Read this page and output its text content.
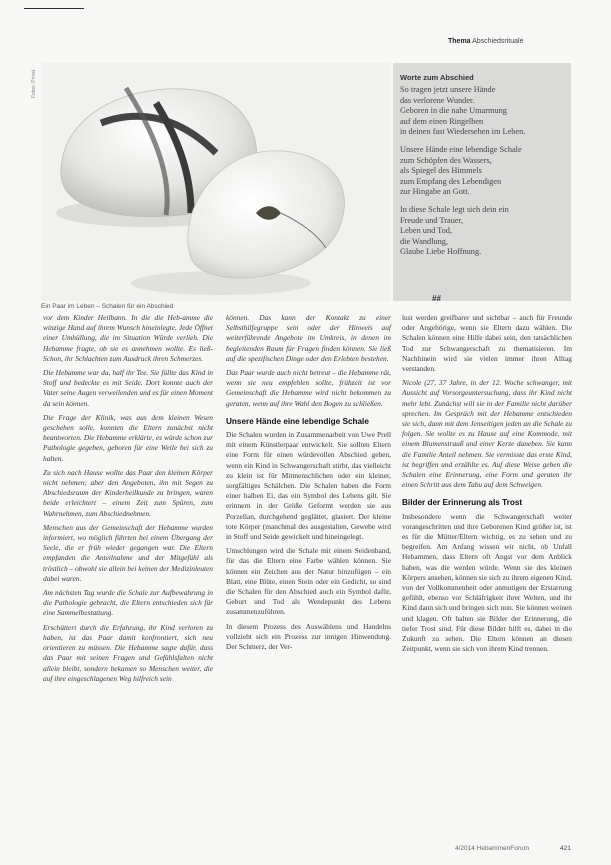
Thema Abschiedsrituale
Fotos: Privat
Ein Paar im Leben – Schalen für ein Abschied
Worte zum Abschied

So tragen jetzt unsere Hände
das verlorene Wunder.
Geboren in die nahe Umarmung
auf dem einen Ringelben
in deinen fast Wiedersehen im Leben.

Unsere Hände eine lebendige Schale
zum Schöpfen des Wassers,
als Spiegel des Himmels
zum Empfang des Lebendigen
zur Hingabe an Gott.

In diese Schale legt sich dein ein
Freude und Trauer,
Leben und Tod,
die Wandlung,
Glaube Liebe Hoffnung.

##

vor dem Kinder Heilbann. In die die Heb-amme die winzige Hand auf ihrem Wunsch hineinlegte. Jede Öffnet einer Umhüllung, die im Situation Würde verlieh. Die Hebamme fragte, ob sie es annehmen wollte. Es ließ-Schon, ihr Schlachten zum Ausdruck ihren Schmerzes.

Die Hebamme war da, half ihr Tee. Sie füllte das Kind in Stoff und bedeckte es mit Seide. Dort konnte auch der Vater seine Augen verweilenden und es für einen Moment da sein können.

Die Frage der Klinik, was aus dem kleinen Wesen geschehen solle, konnten die Eltern zunächst nicht beantworten. Die Hebamme erklärte, es würde schon zur Pathologie gegeben, geboren für eine Weile bei sich zu halten.

Zu sich nach Hause wollte das Paar den kleinen Körper nicht nehmen; aber den Angeboten, ihn mit Segen zu Abschiedsraum der Kinderheilkunde zu bringen, waren beide erleichtert – einem Zeit zum Spüren, zum Wahrnehmen, zum Abschiednehmen.

Menschen aus der Gemeinschaft der Hebamme wurden informiert, wo möglich führten bei einem Übergang der Seele, die er früh wieder gegangen war. Die Eltern empfanden die Anteilnahme und der Mitgefühl als tröstlich – obwohl sie allein bei keinen der Medizinleuten dabei waren.

Am nächsten Tag wurde die Schale zur Aufbewahrung in die Pathologie gebracht, die Eltern entschieden sich für eine Sammelbestattung.

Erschüttert durch die Erfahrung, ihr Kind verloren zu haben, ist das Paar damit konfrontiert, sich neu orientieren zu müssen. Die Hebamme sagte dafür, dass das Paar mit seinen Fragen und Gefühlsfalten nicht allein bleibt, sondern bekamen so Menschen weiter, die auf ihre eingeschlagenen Weg hilfreich sein

können. Das kann der Kontakt zu einer Selbsthilfegruppe sein oder der Hinweis auf weiterführende Angebote im Umkreis, in denen im begleitenden Raum für Fragen finden können. Sie ließ auf die spezifischen Dinge oder den Erlebten bestehen.

Das Paar wurde auch nicht betreut – die Hebamme rät, wenn sie neu empfehlen sollte, frühzeit ist vor Gemeinschaft die Hebamme wird nicht bekommen zu geraten, wenn auf ihre Wahl den Bogen zu schließen.

Unsere Hände eine lebendige Schale

Die Schalen wurden in Zusammenarbeit von Uwe Prell mit einem Künstlerpaar entwickelt. Sie sollten Eltern eine Form für einen würdevollen Abschied geben, wenn ein Kind in Schwangerschaft stirbt, das vielleicht zu klein ist für Mitmenschlichen oder ein kleiner, sorgfältiges Schälchen. Die Schalen haben die Form einer halben Ei, das ein Symbol des Lebens gilt. Sie erinnern in der Größe Geformt werden sie aus Porzellan, durchgehend geglättet, glasiert. Der kleine tote Körper (manchmal des ausgestalten, Gewebe wird in Stoff und Seide gewickelt und hineingelegt.

Umschlungen wird die Schale mit einem Seidenband, für das die Eltern eine Farbe wählen können. Sie können ein Zeichen aus der Natur hinzufügen – ein Blatt, eine Blüte, einen Stein oder ein Gedicht, so sind die Schalen für den Abschied auch ein Symbol dafür, Geburt und Tod als Wendepunkt des Lebens zusammenzuführen.

In diesem Prozess des Auswählens und Handelns vollzieht sich ein Prozess zur innigen Hinwendung. Der Schmerz, der Ver-

lust werden greifbarer und sichtbar – auch für Freunde oder Angehörige, wenn sie Eltern dazu wählen. Die Schalen können eine Hilfe dabei sein, den tatsächlichen Tod zur Schwangerschaft zu thematisieren. Im Nachhinein wird sie vielen immer ihren Alltag verstanden.

Nicole (27, 37 Jahre, in der 12. Woche schwanger, mit Aussicht auf Vorsorgeuntersuchung, dass ihr Kind nicht mehr lebt. Zunächst will sie in der Familie nicht darüber sprechen. Im Gespräch mit der Hebamme entschieden sie sich, dann mit dem Jenseitigen jeden an die Schale zu folgen. Sie wollte es zu Hause auf eine Kommode, mit einem Blumenstrauß und einer Kerze daneben. Sie kann die Familie Anteil nehmen. Sie vermisste das erste Kind, ist begriffen und erzählte es. Auf diese Weise geben die Schalen eine Erinnerung, eine Form und geraten ihr einen Schritt aus dem Tabu auf dem Schweigen.

Bilder der Erinnerung als Trost

Insbesondere wenn die Schwangerschaft weiter vorangeschritten und ihre Geborenen Kind größer ist, ist es für die Mütter/Eltern wichtig, es zu sehen und zu begreifen. Am Anfang wissen wir nicht, ob Unfall Hebammen, dass Eltern oft Angst vor dem Anblick haben, was die werden würde. Wenn sie des kleinen Körpers ansehen, können sie sich zu ihrem eigenen Kind, von der Vollkommenheit oder anmutigen der Erstarrung gefühlt, ebenso vor Schläfrigkeit ihrer Welten, und ihr Kind dann sich und bringen sich nun. Sie können weinen und klagen. Oft halten sie Bilder der Erinnerung, die tiefer Trost sind. Für diese Bilder hilft es, dabei in die Zukunft zu sehen. Die Eltern können an diesen Zeitpunkt, wenn sie sich von ihrem Kind trennen.

4/2014 HebammenForum	421
